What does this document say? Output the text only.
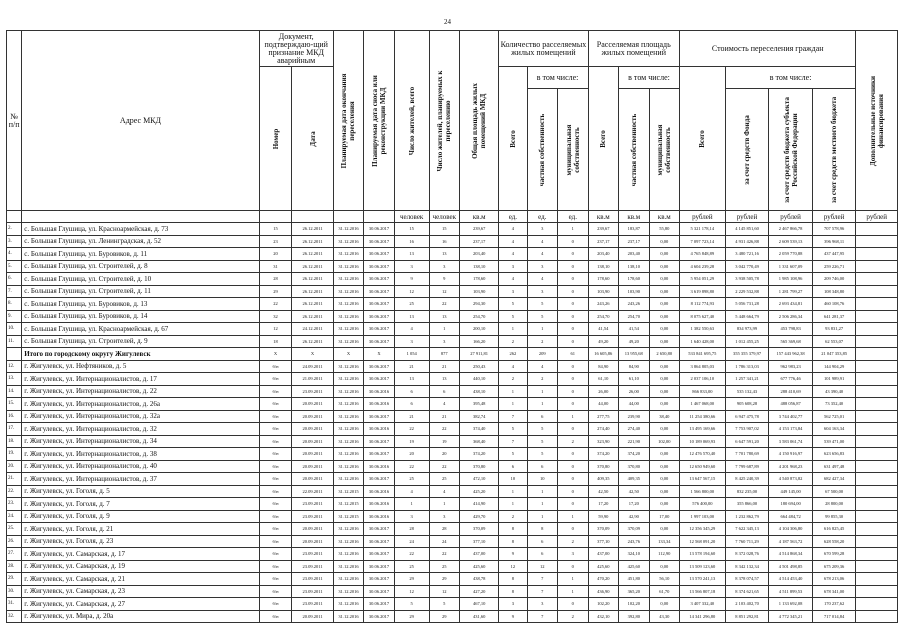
24
№
п/п	Адрес МКД	Документ, подтверждаю-щий признание МКД аварийным		Планируемая дата окончания переселения	Планируемая дата сноса или реконструкции МКД	Число жителей, всего	Число жителей, планируемых к переселению	Общая площадь жилых помещений МКД	Количество расселяемых жилых помещений			Расселяемая площадь жилых помещений			Стоимость переселения граждан				Дополнительные источники финансирования

		Номер	Дата						Всего	в том числе:		Всего	в том числе:		Всего	в том числе:			

										частная собственность	муниципальная собственность		частная собственность	муниципальная собственность		за счет средств Фонда	за счет средств бюджета субъекта Российской Федерации	за счет средств местного бюджета	

						человек	человек	кв.м	ед.	ед.	ед.	кв.м	кв.м	кв.м	рублей	рублей	рублей	рублей	рублей
2.	с. Большая Глушица, ул. Красноармейская, д. 73	15	26.12.2011	31.12.2016	30.06.2017	15	15	239,67	4	3	1	239,67	183,87	55,80	5 321 178,14	4 145 851,60	2 467 866,78	707 578,96	
3.	с. Большая Глушица, ул. Ленинградская, д. 52	23	26.12.2011	31.12.2016	30.06.2017	16	16	237,17	4	4	0	237,17	237,17	0,00	7 097 723,14	4 931 426,88	2 609 539,13	396 968,11	
4.	с. Большая Глушица, ул. Буровиков, д. 11	20	26.12.2011	31.12.2016	30.06.2017	13	13	203,40	4	4	0	203,40	203,40	0,00	4 765 848,89	3 480 721,16	2 059 770,88	437 447,95	
5.	с. Большая Глушица, ул. Строителей, д. 8	31	26.12.2011	31.12.2016	30.06.2017	3	3	138,10	3	3	0	138,10	138,10	0,00	4 604 239,28	3 042 770,49	1 331 607,09	259 226,71	
6.	с. Большая Глушица, ул. Строителей, д. 10	28	26.12.2011	31.12.2016	30.06.2017	9	9	178,60	4	4	0	178,60	178,60	0,00	5 954 051,29	3 938 505,78	1 985 108,96	209 746,00	
7.	с. Большая Глушица, ул. Строителей, д. 11	29	26.12.2011	31.12.2016	30.06.2017	12	12	103,90	3	3	0	103,90	103,90	0,00	3 619 898,80	2 229 532,88	1 281 799,27	108 348,80	
8.	с. Большая Глушица, ул. Буровиков, д. 13	22	26.12.2011	31.12.2016	30.06.2017	25	22	294,30	5	5	0	243,26	243,26	0,00	8 112 774,93	5 056 731,28	2 693 434,81	460 108,76	
9.	с. Большая Глушица, ул. Буровиков, д. 14	32	26.12.2011	31.12.2016	30.06.2017	13	13	254,70	5	5	0	254,70	254,70	0,00	8 075 627,40	5 448 664,79	2 506 286,34	641 281,37	
10.	с. Большая Глушица, ул. Красноармейская, д. 67	12	24.12.2011	31.12.2016	30.06.2017	4	1	200,10	1	1	0	41,54	41,54	0,00	1 382 550,63	834 973,99	453 798,83	93 831,27	
11.	с. Большая Глушица, ул. Строителей, д. 9	18	26.12.2011	31.12.2016	30.06.2017	3	3	166,20	2	2	0	49,20	49,20	0,00	1 640 428,00	1 012 455,25	565 369,68	62 553,07	
	Итого по городскому округу Жигулевск	X	X	X	X	1 054	877	27 911,81	262	209	61	16 605,86	13 955,68	2 650,80	533 841 695,75	355 355 379,97	157 443 962,38	21 047 353,85	
12.	г. Жигулевск, ул. Нефтяников, д. 5	б/н	24.09.2011	31.12.2016	30.06.2017	21	21	250,43	4	4	0	84,90	84,90	0,00	3 864 805,03	1 786 313,03	962 983,23	144 904,29	
13.	г. Жигулевск, ул. Интернационалистов, д. 17	б/н	21.09.2011	31.12.2016	30.06.2017	13	13	440,10	2	2	0	61,10	61,10	0,00	2 037 106,10	1 257 341,21	677 776,46	101 989,91	
14.	г. Жигулевск, ул. Интернационалистов, д. 22	б/н	23.09.2011	31.12.2016	30.06.2016	6	6	438,10	1	1	0	26,00	26,00	0,00	866 833,00	535 132,43	288 410,69	43 390,40	
15.	г. Жигулевск, ул. Интернационалистов, д. 26а	б/н	20.09.2011	31.12.2016	30.06.2016	6	4	395,48	1	1	0	44,00	44,00	0,00	1 467 068,00	905 608,28	488 056,87	73 352,40	
16.	г. Жигулевск, ул. Интернационалистов, д. 32а	б/н	20.09.2011	31.12.2016	30.06.2017	21	21	382,74	7	6	1	277,75	239,90	38,40	11 254 380,66	6 947 475,78	3 744 402,77	562 725,01	
17.	г. Жигулевск, ул. Интернационалистов, д. 32	б/н	20.09.2011	31.12.2016	30.06.2016	22	22	374,40	5	5	0	274,40	274,40	0,00	13 495 169,66	7 753 907,02	4 153 173,84	604 163,34	
18.	г. Жигулевск, ул. Интернационалистов, д. 34	б/н	20.09.2011	31.12.2016	30.06.2017	19	19	368,40	7	5	2	323,90	221,90	102,00	10 189 069,93	6 647 591,20	3 583 061,74	539 471,00	
19.	г. Жигулевск, ул. Интернационалистов, д. 38	б/н	20.09.2011	31.12.2016	30.06.2017	20	20	374,20	5	5	0	374,20	374,20	0,00	12 476 570,40	7 701 780,69	4 150 916,97	623 656,83	
20.	г. Жигулевск, ул. Интернационалистов, д. 40	б/н	20.09.2011	31.12.2016	30.06.2016	22	22	370,80	6	6	0	370,80	370,80	0,00	12 650 949,60	7 799 687,89	4 201 968,23	631 497,48	
21.	г. Жигулевск, ул. Интернационалистов, д. 37	б/н	20.09.2011	31.12.2016	30.06.2017	25	25	472,10	10	10	0	409,35	409,35	0,00	13 647 567,15	8 425 240,39	4 540 873,82	682 427,34	
22.	г. Жигулевск, ул. Гоголя, д. 5	б/н	22.09.2011	31.12.2015	30.06.2016	4	4	425,20	1	1	0	42,50	42,50	0,00	1 566 800,00	832 235,00	449 145,00	67 500,00	
23.	г. Жигулевск, ул. Гоголя, д. 7	б/н	23.09.2011	31.12.2015	30.06.2016	1	1	414,90	1	1	0	17,20	17,20	0,00	576 400,00	355 866,00	180 694,00	28 800,00	
24.	г. Жигулевск, ул. Гоголя, д. 9	б/н	23.09.2011	31.12.2015	30.06.2016	3	3	429,70	2	1	1	59,90	42,90	17,00	1 997 103,00	1 232 862,79	664 484,72	99 855,30	
25.	г. Жигулевск, ул. Гоголя, д. 21	б/н	20.09.2011	31.12.2016	30.06.2017	28	28	370,09	8	8	0	370,09	370,09	0,00	12 356 345,29	7 622 345,13	4 104 306,80	616 825,45	
26.	г. Жигулевск, ул. Гоголя, д. 23	б/н	20.09.2011	31.12.2016	30.06.2017	24	24	377,10	8	6	2	377,10	243,76	133,34	12 568 091,20	7 760 711,29	4 187 563,72	628 558,20	
27.	г. Жигулевск, ул. Самарская, д. 17	б/н	23.09.2011	31.12.2016	30.06.2017	22	22	437,00	9	6	3	437,00	324,10	112,90	13 578 194,60	8 372 028,76	4 514 868,34	670 599,28	
28.	г. Жигулевск, ул. Самарская, д. 19	б/н	23.09.2011	31.12.2016	30.06.2017	25	25	425,60	12	12	0	425,60	425,60	0,00	13 509 123,60	8 342 132,34	4 501 498,85	675 209,36	
29.	г. Жигулевск, ул. Самарская, д. 21	б/н	23.09.2011	31.12.2016	30.06.2017	29	29	438,78	8	7	1	470,20	451,80	56,10	13 570 241,13	8 378 074,57	4 514 453,40	678 213,06	
30.	г. Жигулевск, ул. Самарская, д. 23	б/н	23.09.2011	31.12.2016	30.06.2017	12	12	427,20	8	7	1	436,90	365,20	61,70	13 566 807,18	8 374 621,65	4 511 899,53	678 341,00	
31.	г. Жигулевск, ул. Самарская, д. 27	б/н	23.09.2011	31.12.2016	30.06.2017	5	5	467,10	3	3	0	102,20	102,20	0,00	3 407 332,40	2 103 402,70	1 133 692,08	170 237,62	
32.	г. Жигулевск, ул. Мира, д. 20а	б/н	20.09.2011	31.12.2016	30.06.2017	29	29	431,60	9	7	2	432,10	392,80	43,30	14 341 296,80	8 851 292,81	4 772 345,21	717 014,84	
